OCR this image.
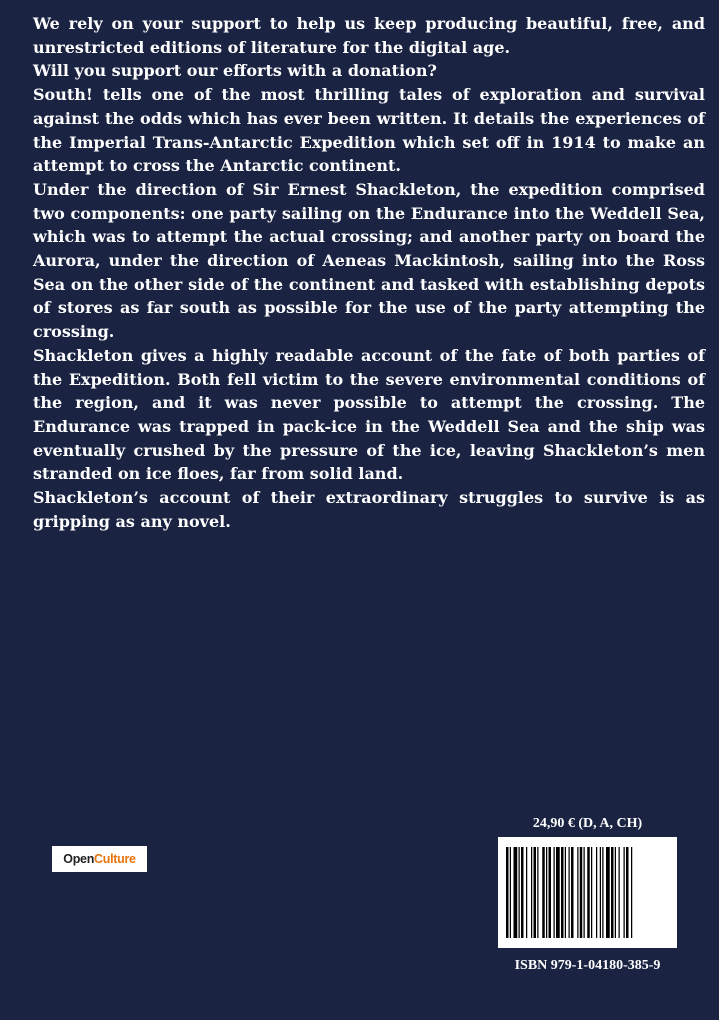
We rely on your support to help us keep producing beautiful, free, and unrestricted editions of literature for the digital age.

Will you support our efforts with a donation?

South! tells one of the most thrilling tales of exploration and survival against the odds which has ever been written. It details the experiences of the Imperial Trans-Antarctic Expedition which set off in 1914 to make an attempt to cross the Antarctic continent.

Under the direction of Sir Ernest Shackleton, the expedition comprised two components: one party sailing on the Endurance into the Weddell Sea, which was to attempt the actual crossing; and another party on board the Aurora, under the direction of Aeneas Mackintosh, sailing into the Ross Sea on the other side of the continent and tasked with establishing depots of stores as far south as possible for the use of the party attempting the crossing.

Shackleton gives a highly readable account of the fate of both parties of the Expedition. Both fell victim to the severe environmental conditions of the region, and it was never possible to attempt the crossing. The Endurance was trapped in pack-ice in the Weddell Sea and the ship was eventually crushed by the pressure of the ice, leaving Shackleton’s men stranded on ice floes, far from solid land.

Shackleton’s account of their extraordinary struggles to survive is as gripping as any novel.

Open Culture
24,90 € (D, A, CH)
ISBN 979-1-04180-385-9
